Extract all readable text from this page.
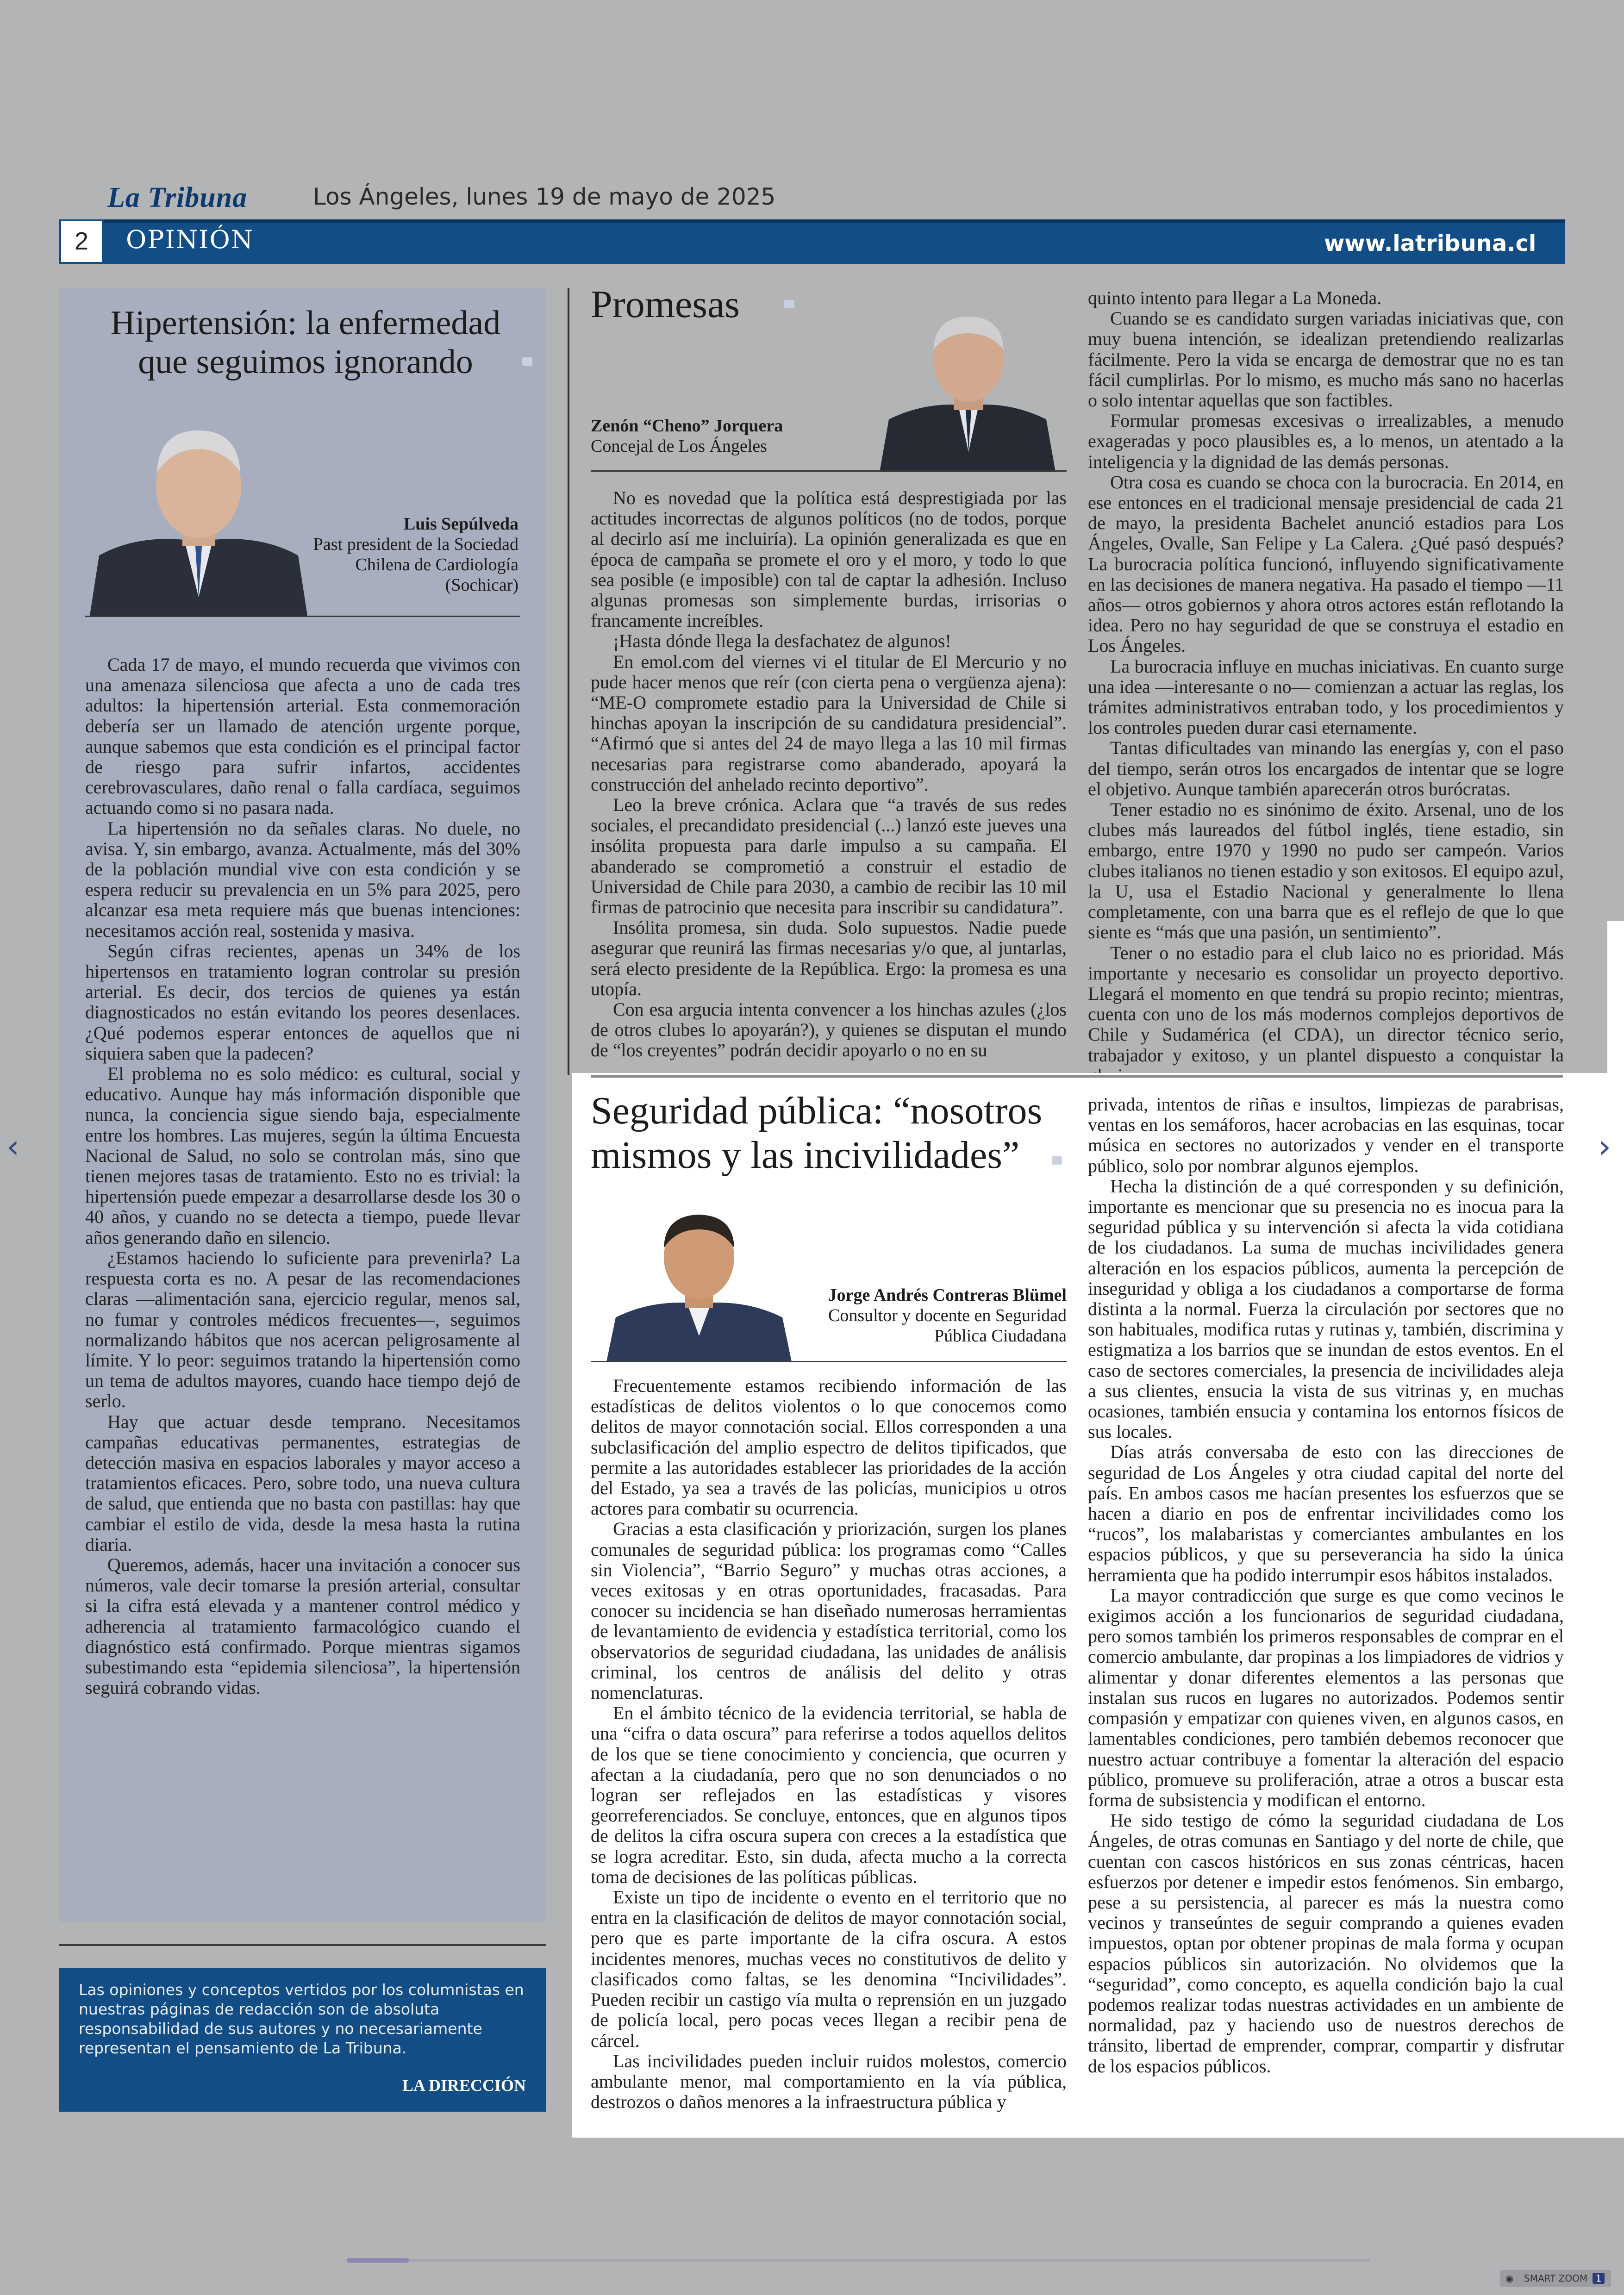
La Tribuna	Los Ángeles, lunes 19 de mayo de 2025
2	OPINIÓN	www.latribuna.cl
Hipertensión: la enfermedad que seguimos ignorando
Luis Sepúlveda
Past president de la Sociedad
Chilena de Cardiología
(Sochicar)

Cada 17 de mayo, el mundo recuerda que vivimos con una amenaza silenciosa que afecta a uno de cada tres adultos: la hipertensión arterial. Esta conmemoración debería ser un llamado de atención urgente porque, aunque sabemos que esta condición es el principal factor de riesgo para sufrir infartos, accidentes cerebrovasculares, daño renal o falla cardíaca, seguimos actuando como si no pasara nada.

La hipertensión no da señales claras. No duele, no avisa. Y, sin embargo, avanza. Actualmente, más del 30% de la población mundial vive con esta condición y se espera reducir su prevalencia en un 5% para 2025, pero alcanzar esa meta requiere más que buenas intenciones: necesitamos acción real, sostenida y masiva.

Según cifras recientes, apenas un 34% de los hipertensos en tratamiento logran controlar su presión arterial. Es decir, dos tercios de quienes ya están diagnosticados no están evitando los peores desenlaces. ¿Qué podemos esperar entonces de aquellos que ni siquiera saben que la padecen?

El problema no es solo médico: es cultural, social y educativo. Aunque hay más información disponible que nunca, la conciencia sigue siendo baja, especialmente entre los hombres. Las mujeres, según la última Encuesta Nacional de Salud, no solo se controlan más, sino que tienen mejores tasas de tratamiento. Esto no es trivial: la hipertensión puede empezar a desarrollarse desde los 30 o 40 años, y cuando no se detecta a tiempo, puede llevar años generando daño en silencio.

¿Estamos haciendo lo suficiente para prevenirla? La respuesta corta es no. A pesar de las recomendaciones claras —alimentación sana, ejercicio regular, menos sal, no fumar y controles médicos frecuentes—, seguimos normalizando hábitos que nos acercan peligrosamente al límite. Y lo peor: seguimos tratando la hipertensión como un tema de adultos mayores, cuando hace tiempo dejó de serlo.

Hay que actuar desde temprano. Necesitamos campañas educativas permanentes, estrategias de detección masiva en espacios laborales y mayor acceso a tratamientos eficaces. Pero, sobre todo, una nueva cultura de salud, que entienda que no basta con pastillas: hay que cambiar el estilo de vida, desde la mesa hasta la rutina diaria.

Queremos, además, hacer una invitación a conocer sus números, vale decir tomarse la presión arterial, consultar si la cifra está elevada y a mantener control médico y adherencia al tratamiento farmacológico cuando el diagnóstico está confirmado. Porque mientras sigamos subestimando esta “epidemia silenciosa”, la hipertensión seguirá cobrando vidas.

Las opiniones y conceptos vertidos por los columnistas en nuestras páginas de redacción son de absoluta responsabilidad de sus autores y no necesariamente representan el pensamiento de La Tribuna.
LA DIRECCIÓN
Promesas
Zenón “Cheno” Jorquera
Concejal de Los Ángeles

No es novedad que la política está desprestigiada por las actitudes incorrectas de algunos políticos (no de todos, porque al decirlo así me incluiría). La opinión generalizada es que en época de campaña se promete el oro y el moro, y todo lo que sea posible (e imposible) con tal de captar la adhesión. Incluso algunas promesas son simplemente burdas, irrisorias o francamente increíbles.

¡Hasta dónde llega la desfachatez de algunos!

En emol.com del viernes vi el titular de El Mercurio y no pude hacer menos que reír (con cierta pena o vergüenza ajena): “ME-O compromete estadio para la Universidad de Chile si hinchas apoyan la inscripción de su candidatura presidencial”. “Afirmó que si antes del 24 de mayo llega a las 10 mil firmas necesarias para registrarse como abanderado, apoyará la construcción del anhelado recinto deportivo”.

Leo la breve crónica. Aclara que “a través de sus redes sociales, el precandidato presidencial (...) lanzó este jueves una insólita propuesta para darle impulso a su campaña. El abanderado se comprometió a construir el estadio de Universidad de Chile para 2030, a cambio de recibir las 10 mil firmas de patrocinio que necesita para inscribir su candidatura”.

Insólita promesa, sin duda. Solo supuestos. Nadie puede asegurar que reunirá las firmas necesarias y/o que, al juntarlas, será electo presidente de la República. Ergo: la promesa es una utopía.

Con esa argucia intenta convencer a los hinchas azules (¿los de otros clubes lo apoyarán?), y quienes se disputan el mundo de “los creyentes” podrán decidir apoyarlo o no en su

quinto intento para llegar a La Moneda.

Cuando se es candidato surgen variadas iniciativas que, con muy buena intención, se idealizan pretendiendo realizarlas fácilmente. Pero la vida se encarga de demostrar que no es tan fácil cumplirlas. Por lo mismo, es mucho más sano no hacerlas o solo intentar aquellas que son factibles.

Formular promesas excesivas o irrealizables, a menudo exageradas y poco plausibles es, a lo menos, un atentado a la inteligencia y la dignidad de las demás personas.

Otra cosa es cuando se choca con la burocracia. En 2014, en ese entonces en el tradicional mensaje presidencial de cada 21 de mayo, la presidenta Bachelet anunció estadios para Los Ángeles, Ovalle, San Felipe y La Calera. ¿Qué pasó después? La burocracia política funcionó, influyendo significativamente en las decisiones de manera negativa. Ha pasado el tiempo —11 años— otros gobiernos y ahora otros actores están reflotando la idea. Pero no hay seguridad de que se construya el estadio en Los Ángeles.

La burocracia influye en muchas iniciativas. En cuanto surge una idea —interesante o no— comienzan a actuar las reglas, los trámites administrativos entraban todo, y los procedimientos y los controles pueden durar casi eternamente.

Tantas dificultades van minando las energías y, con el paso del tiempo, serán otros los encargados de intentar que se logre el objetivo. Aunque también aparecerán otros burócratas.

Tener estadio no es sinónimo de éxito. Arsenal, uno de los clubes más laureados del fútbol inglés, tiene estadio, sin embargo, entre 1970 y 1990 no pudo ser campeón. Varios clubes italianos no tienen estadio y son exitosos. El equipo azul, la U, usa el Estadio Nacional y generalmente lo llena completamente, con una barra que es el reflejo de que lo que siente es “más que una pasión, un sentimiento”.

Tener o no estadio para el club laico no es prioridad. Más importante y necesario es consolidar un proyecto deportivo. Llegará el momento en que tendrá su propio recinto; mientras, cuenta con uno de los más modernos complejos deportivos de Chile y Sudamérica (el CDA), un director técnico serio, trabajador y exitoso, y un plantel dispuesto a conquistar la

Seguridad pública: “nosotros mismos y las incivilidades”
Jorge Andrés Contreras Blümel
Consultor y docente en Seguridad
Pública Ciudadana

Frecuentemente estamos recibiendo información de las estadísticas de delitos violentos o lo que conocemos como delitos de mayor connotación social. Ellos corresponden a una subclasificación del amplio espectro de delitos tipificados, que permite a las autoridades establecer las prioridades de la acción del Estado, ya sea a través de las policías, municipios u otros actores para combatir su ocurrencia.

Gracias a esta clasificación y priorización, surgen los planes comunales de seguridad pública: los programas como “Calles sin Violencia”, “Barrio Seguro” y muchas otras acciones, a veces exitosas y en otras oportunidades, fracasadas. Para conocer su incidencia se han diseñado numerosas herramientas de levantamiento de evidencia y estadística territorial, como los observatorios de seguridad ciudadana, las unidades de análisis criminal, los centros de análisis del delito y otras nomenclaturas.

En el ámbito técnico de la evidencia territorial, se habla de una “cifra o data oscura” para referirse a todos aquellos delitos de los que se tiene conocimiento y conciencia, que ocurren y afectan a la ciudadanía, pero que no son denunciados o no logran ser reflejados en las estadísticas y visores georreferenciados. Se concluye, entonces, que en algunos tipos de delitos la cifra oscura supera con creces a la estadística que se logra acreditar. Esto, sin duda, afecta mucho a la correcta toma de decisiones de las políticas públicas.

Existe un tipo de incidente o evento en el territorio que no entra en la clasificación de delitos de mayor connotación social, pero que es parte importante de la cifra oscura. A estos incidentes menores, muchas veces no constitutivos de delito y clasificados como faltas, se les denomina “Incivilidades”. Pueden recibir un castigo vía multa o reprensión en un juzgado de policía local, pero pocas veces llegan a recibir pena de cárcel.

Las incivilidades pueden incluir ruidos molestos, comercio ambulante menor, mal comportamiento en la vía pública, destrozos o daños menores a la infraestructura pública y

privada, intentos de riñas e insultos, limpiezas de parabrisas, ventas en los semáforos, hacer acrobacias en las esquinas, tocar música en sectores no autorizados y vender en el transporte público, solo por nombrar algunos ejemplos.

Hecha la distinción de a qué corresponden y su definición, importante es mencionar que su presencia no es inocua para la seguridad pública y su intervención si afecta la vida cotidiana de los ciudadanos. La suma de muchas incivilidades genera alteración en los espacios públicos, aumenta la percepción de inseguridad y obliga a los ciudadanos a comportarse de forma distinta a la normal. Fuerza la circulación por sectores que no son habituales, modifica rutas y rutinas y, también, discrimina y estigmatiza a los barrios que se inundan de estos eventos. En el caso de sectores comerciales, la presencia de incivilidades aleja a sus clientes, ensucia la vista de sus vitrinas y, en muchas ocasiones, también ensucia y contamina los entornos físicos de sus locales.

Días atrás conversaba de esto con las direcciones de seguridad de Los Ángeles y otra ciudad capital del norte del país. En ambos casos me hacían presentes los esfuerzos que se hacen a diario en pos de enfrentar incivilidades como los “rucos”, los malabaristas y comerciantes ambulantes en los espacios públicos, y que su perseverancia ha sido la única herramienta que ha podido interrumpir esos hábitos instalados.

La mayor contradicción que surge es que como vecinos le exigimos acción a los funcionarios de seguridad ciudadana, pero somos también los primeros responsables de comprar en el comercio ambulante, dar propinas a los limpiadores de vidrios y alimentar y donar diferentes elementos a las personas que instalan sus rucos en lugares no autorizados. Podemos sentir compasión y empatizar con quienes viven, en algunos casos, en lamentables condiciones, pero también debemos reconocer que nuestro actuar contribuye a fomentar la alteración del espacio público, promueve su proliferación, atrae a otros a buscar esta forma de subsistencia y modifican el entorno.

He sido testigo de cómo la seguridad ciudadana de Los Ángeles, de otras comunas en Santiago y del norte de chile, que cuentan con cascos históricos en sus zonas céntricas, hacen esfuerzos por detener e impedir estos fenómenos. Sin embargo, pese a su persistencia, al parecer es más la nuestra como vecinos y transeúntes de seguir comprando a quienes evaden impuestos, optan por obtener propinas de mala forma y ocupan espacios públicos sin autorización. No olvidemos que la “seguridad”, como concepto, es aquella condición bajo la cual podemos realizar todas nuestras actividades en un ambiente de normalidad, paz y haciendo uso de nuestros derechos de tránsito, libertad de emprender, comprar, compartir y disfrutar de los espacios públicos.

‹	›
◉ SMART ZOOM 1
